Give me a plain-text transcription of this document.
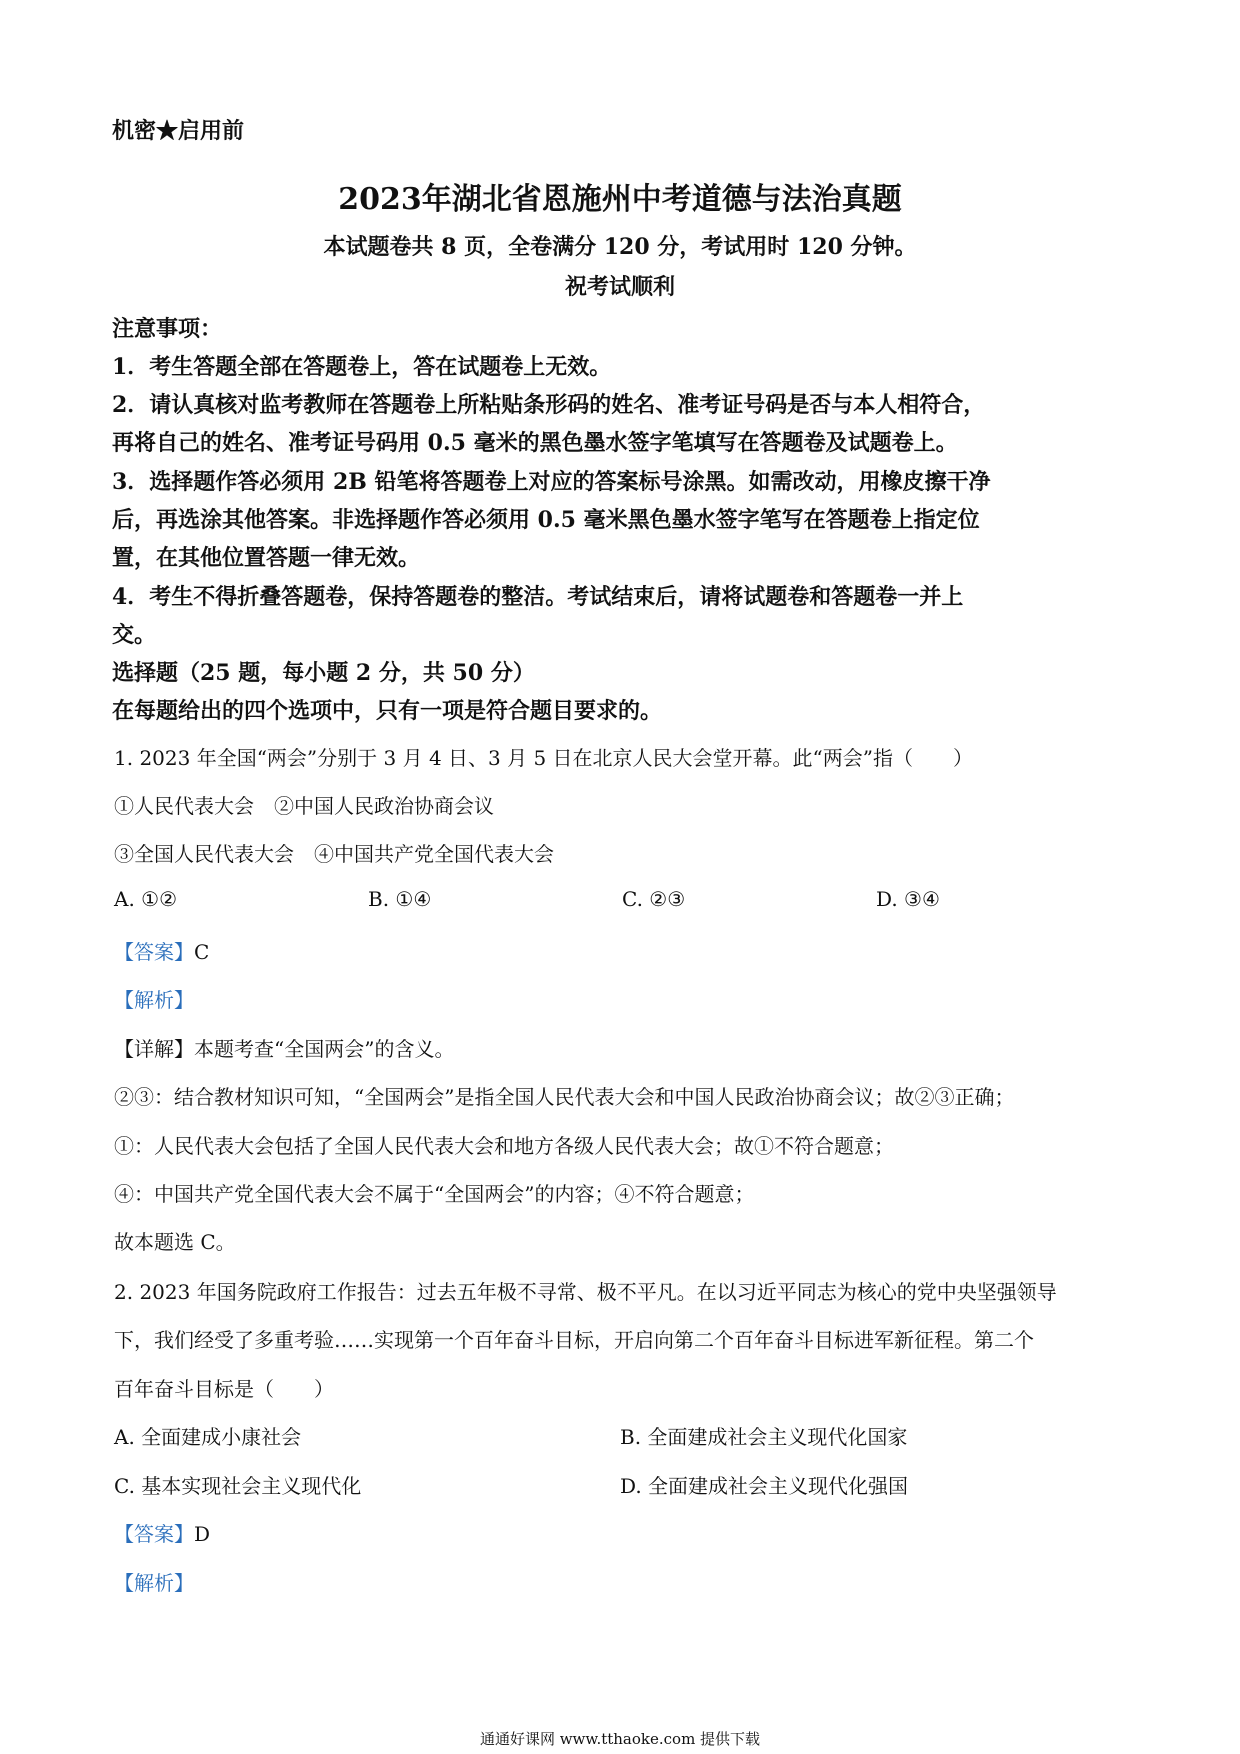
机密★启用前
2023年湖北省恩施州中考道德与法治真题
本试题卷共 8 页，全卷满分 120 分，考试用时 120 分钟。
祝考试顺利
注意事项：
1．考生答题全部在答题卷上，答在试题卷上无效。
2．请认真核对监考教师在答题卷上所粘贴条形码的姓名、准考证号码是否与本人相符合，
再将自己的姓名、准考证号码用 0.5 毫米的黑色墨水签字笔填写在答题卷及试题卷上。
3．选择题作答必须用 2B 铅笔将答题卷上对应的答案标号涂黑。如需改动，用橡皮擦干净
后，再选涂其他答案。非选择题作答必须用 0.5 毫米黑色墨水签字笔写在答题卷上指定位
置，在其他位置答题一律无效。
4．考生不得折叠答题卷，保持答题卷的整洁。考试结束后，请将试题卷和答题卷一并上
交。
选择题（25 题，每小题 2 分，共 50 分）
在每题给出的四个选项中，只有一项是符合题目要求的。
1. 2023 年全国“两会”分别于 3 月 4 日、3 月 5 日在北京人民大会堂开幕。此“两会”指（　　）
①人民代表大会　②中国人民政治协商会议
③全国人民代表大会　④中国共产党全国代表大会
A. ①②	B. ①④	C. ②③	D. ③④
【答案】C
【解析】
【详解】本题考查“全国两会”的含义。
②③：结合教材知识可知，“全国两会”是指全国人民代表大会和中国人民政治协商会议；故②③正确；
①：人民代表大会包括了全国人民代表大会和地方各级人民代表大会；故①不符合题意；
④：中国共产党全国代表大会不属于“全国两会”的内容；④不符合题意；
故本题选 C。
2. 2023 年国务院政府工作报告：过去五年极不寻常、极不平凡。在以习近平同志为核心的党中央坚强领导
下，我们经受了多重考验……实现第一个百年奋斗目标，开启向第二个百年奋斗目标进军新征程。第二个
百年奋斗目标是（　　）
A. 全面建成小康社会	B. 全面建成社会主义现代化国家
C. 基本实现社会主义现代化	D. 全面建成社会主义现代化强国
【答案】D
【解析】
通通好课网 www.tthaoke.com 提供下载
